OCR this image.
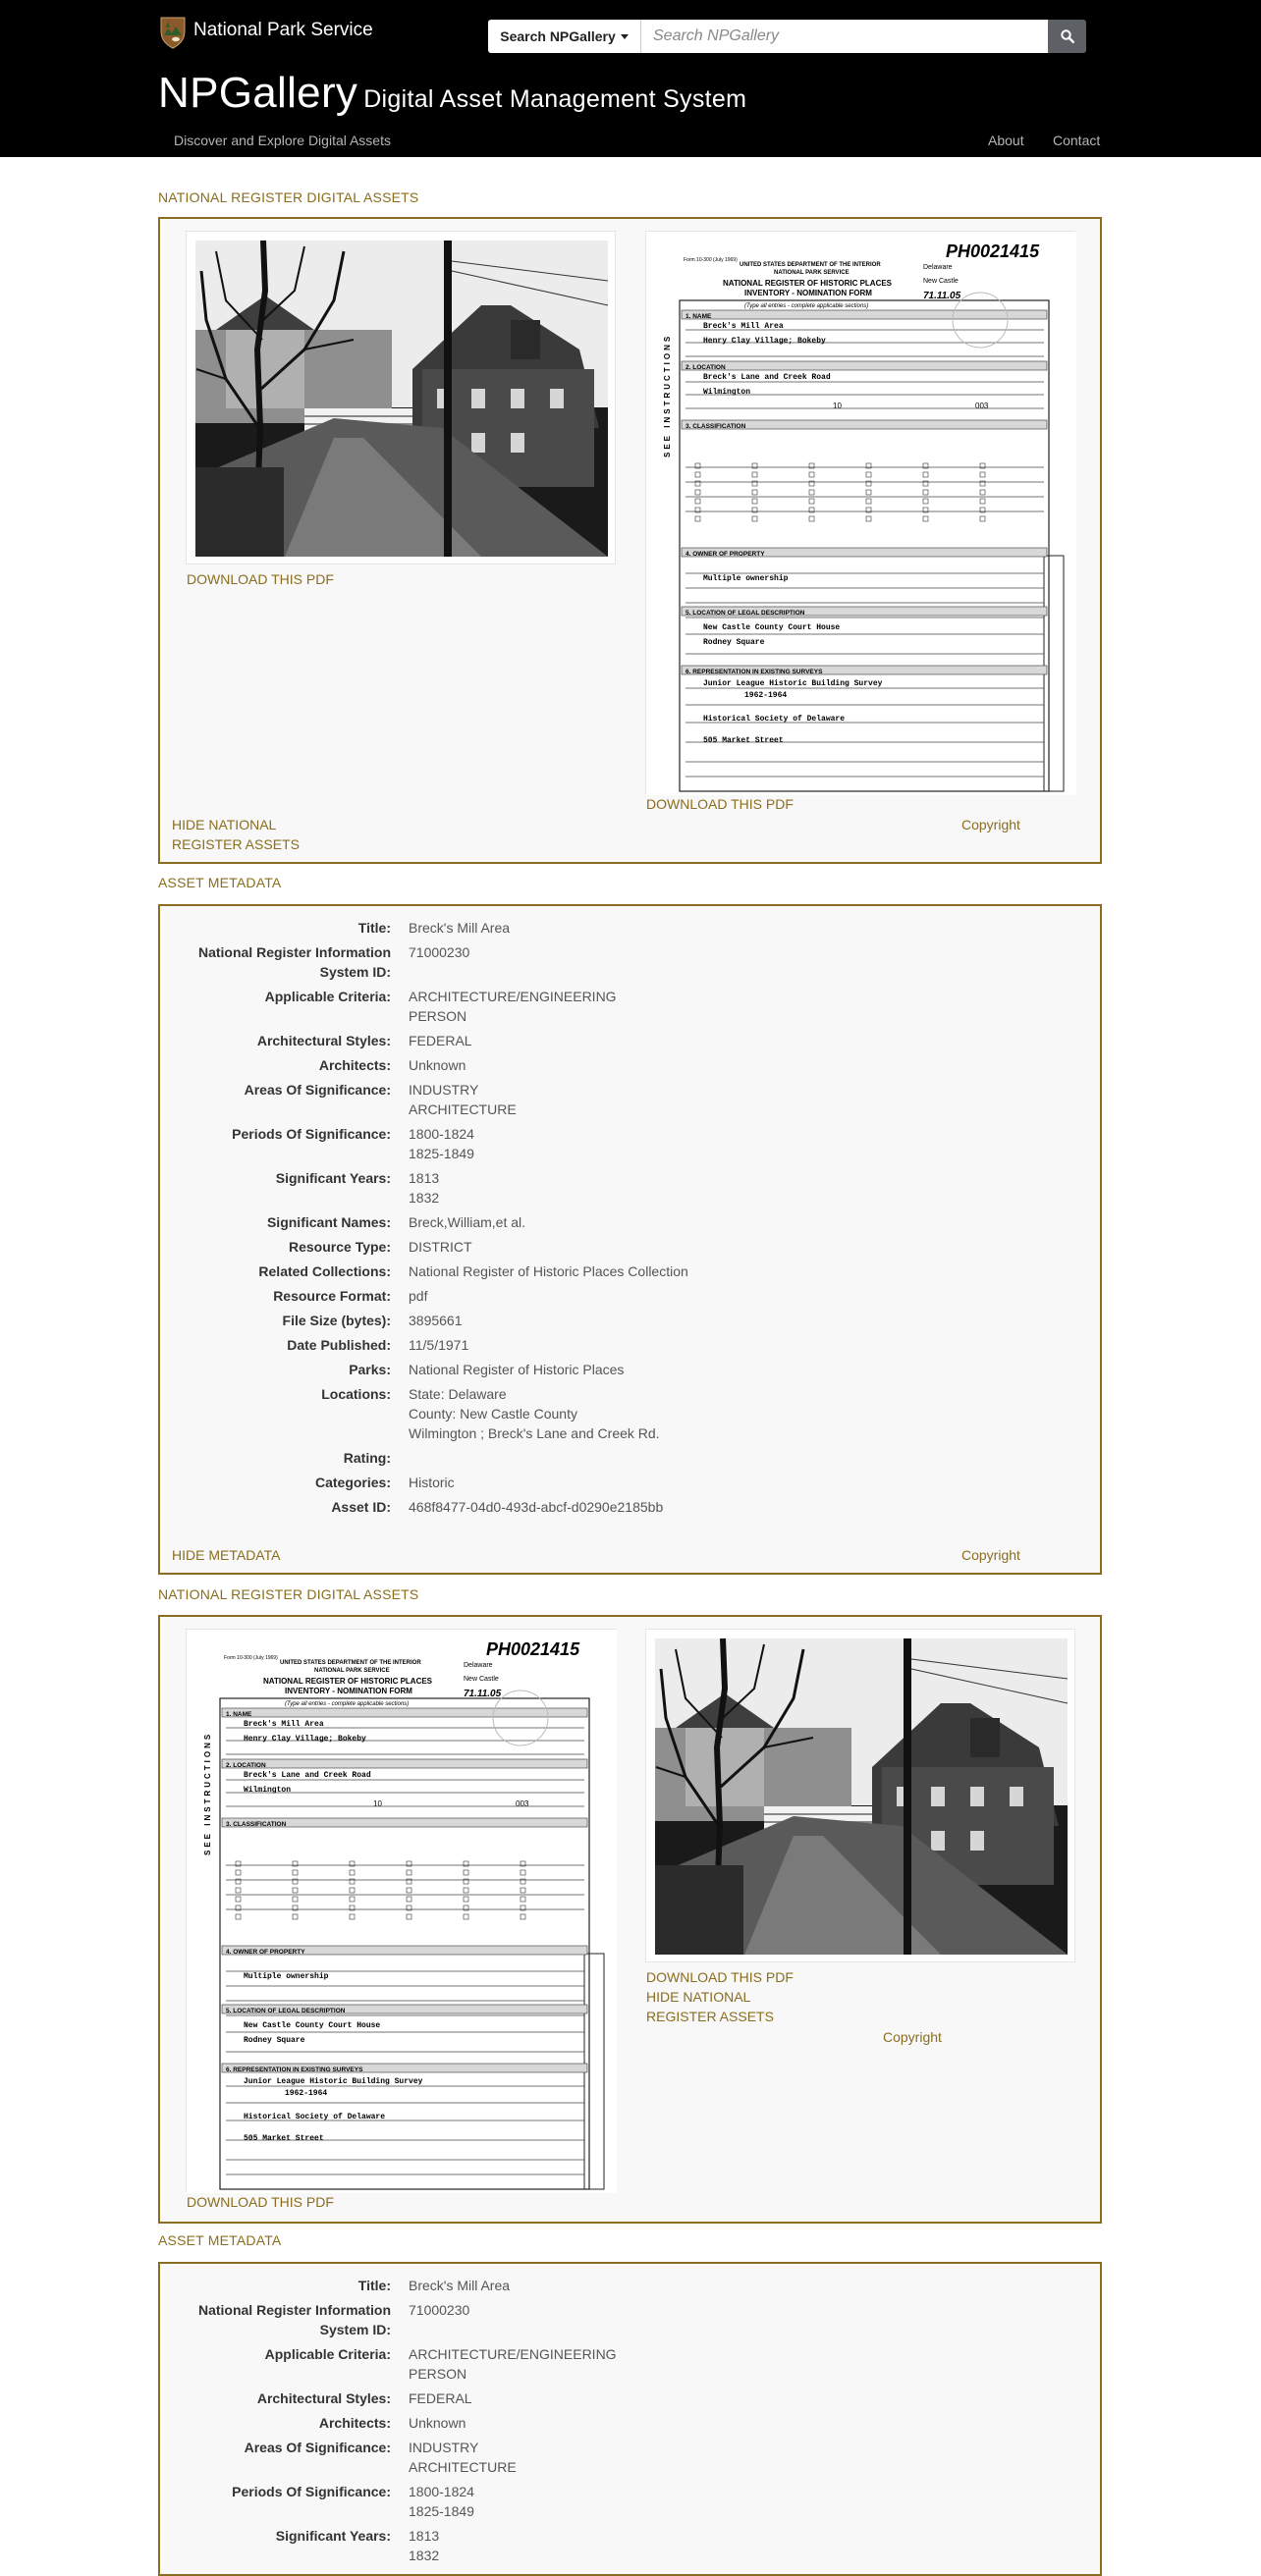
National Park Service	Search NPGallery
Search NPGallery
NPGallery Digital Asset Management System
Discover and Explore Digital Assets	About Contact
NATIONAL REGISTER DIGITAL ASSETS
DOWNLOAD THIS PDF
Form 10-300 (July 1969)
UNITED STATES DEPARTMENT OF THE INTERIOR
NATIONAL PARK SERVICE
NATIONAL REGISTER OF HISTORIC PLACES
INVENTORY - NOMINATION FORM
(Type all entries - complete applicable sections)
PH0021415
Delaware
New Castle
71.11.05
10	003
1. NAME
2. LOCATION
3. CLASSIFICATION
4. OWNER OF PROPERTY
5. LOCATION OF LEGAL DESCRIPTION
6. REPRESENTATION IN EXISTING SURVEYS
Breck's Mill Area
Henry Clay Village; Bokeby
Breck's Lane and Creek Road
Wilmington
Multiple ownership
New Castle County Court House
Rodney Square
Junior League Historic Building Survey
1962-1964
Historical Society of Delaware
505 Market Street
SEE INSTRUCTIONS
DOWNLOAD THIS PDF
HIDE NATIONAL
REGISTER ASSETS
Copyright
ASSET METADATA
Title: Breck's Mill Area
National Register Information System ID:
71000230
Applicable Criteria: ARCHITECTURE/ENGINEERING
PERSON
Architectural Styles: FEDERAL
Architects: Unknown
Areas Of Significance: INDUSTRY
ARCHITECTURE
Periods Of Significance: 1800-1824
1825-1849
Significant Years: 1813
1832
Significant Names: Breck,William,et al.
Resource Type: DISTRICT
Related Collections: National Register of Historic Places Collection
Resource Format: pdf
File Size (bytes): 3895661
Date Published: 11/5/1971
Parks: National Register of Historic Places
Locations: State: Delaware
County: New Castle County
Wilmington ; Breck's Lane and Creek Rd.
Rating:
Categories: Historic
Asset ID: 468f8477-04d0-493d-abcf-d0290e2185bb
HIDE METADATA	Copyright
NATIONAL REGISTER DIGITAL ASSETS
Form 10-300 (July 1969)
UNITED STATES DEPARTMENT OF THE INTERIOR
NATIONAL PARK SERVICE
NATIONAL REGISTER OF HISTORIC PLACES
INVENTORY - NOMINATION FORM
(Type all entries - complete applicable sections)
PH0021415
Delaware
New Castle
71.11.05
10	003
1. NAME
2. LOCATION
3. CLASSIFICATION
4. OWNER OF PROPERTY
5. LOCATION OF LEGAL DESCRIPTION
6. REPRESENTATION IN EXISTING SURVEYS
Breck's Mill Area
Henry Clay Village; Bokeby
Breck's Lane and Creek Road
Wilmington
Multiple ownership
New Castle County Court House
Rodney Square
Junior League Historic Building Survey
1962-1964
Historical Society of Delaware
505 Market Street
SEE INSTRUCTIONS
DOWNLOAD THIS PDF
DOWNLOAD THIS PDF
HIDE NATIONAL
REGISTER ASSETS
Copyright
ASSET METADATA
Title: Breck's Mill Area
National Register Information System ID:
71000230
Applicable Criteria: ARCHITECTURE/ENGINEERING
PERSON
Architectural Styles: FEDERAL
Architects: Unknown
Areas Of Significance: INDUSTRY
ARCHITECTURE
Periods Of Significance: 1800-1824
1825-1849
Significant Years: 1813
1832
